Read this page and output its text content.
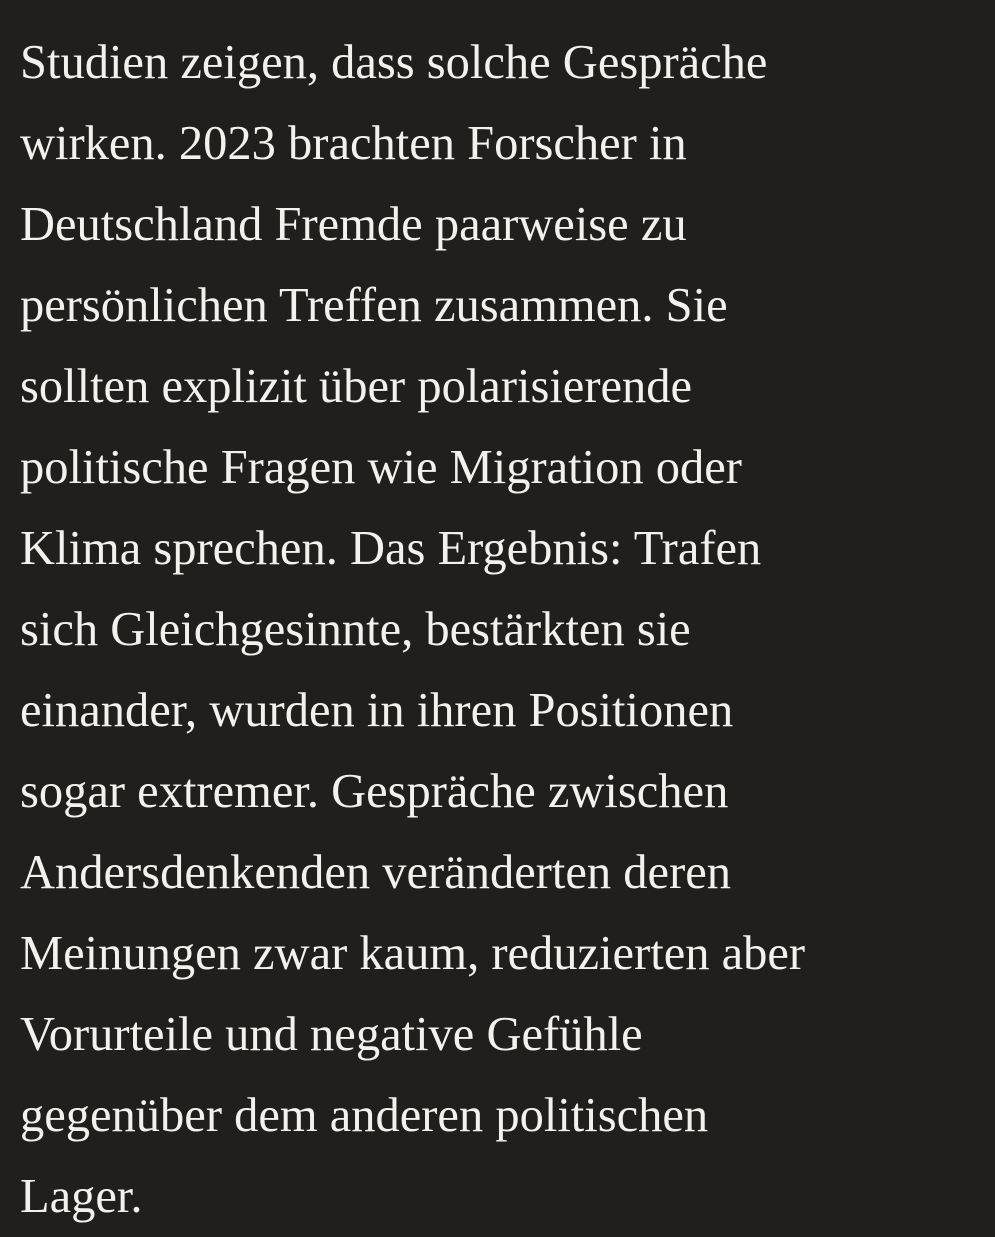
Studien zeigen, dass solche Gespräche
wirken. 2023 brachten Forscher in
Deutschland Fremde paarweise zu
persönlichen Treffen zusammen. Sie
sollten explizit über polarisierende
politische Fragen wie Migration oder
Klima sprechen. Das Ergebnis: Trafen
sich Gleichgesinnte, bestärkten sie
einander, wurden in ihren Positionen
sogar extremer. Gespräche zwischen
Andersdenkenden veränderten deren
Meinungen zwar kaum, reduzierten aber
Vorurteile und negative Gefühle
gegenüber dem anderen politischen
Lager.
